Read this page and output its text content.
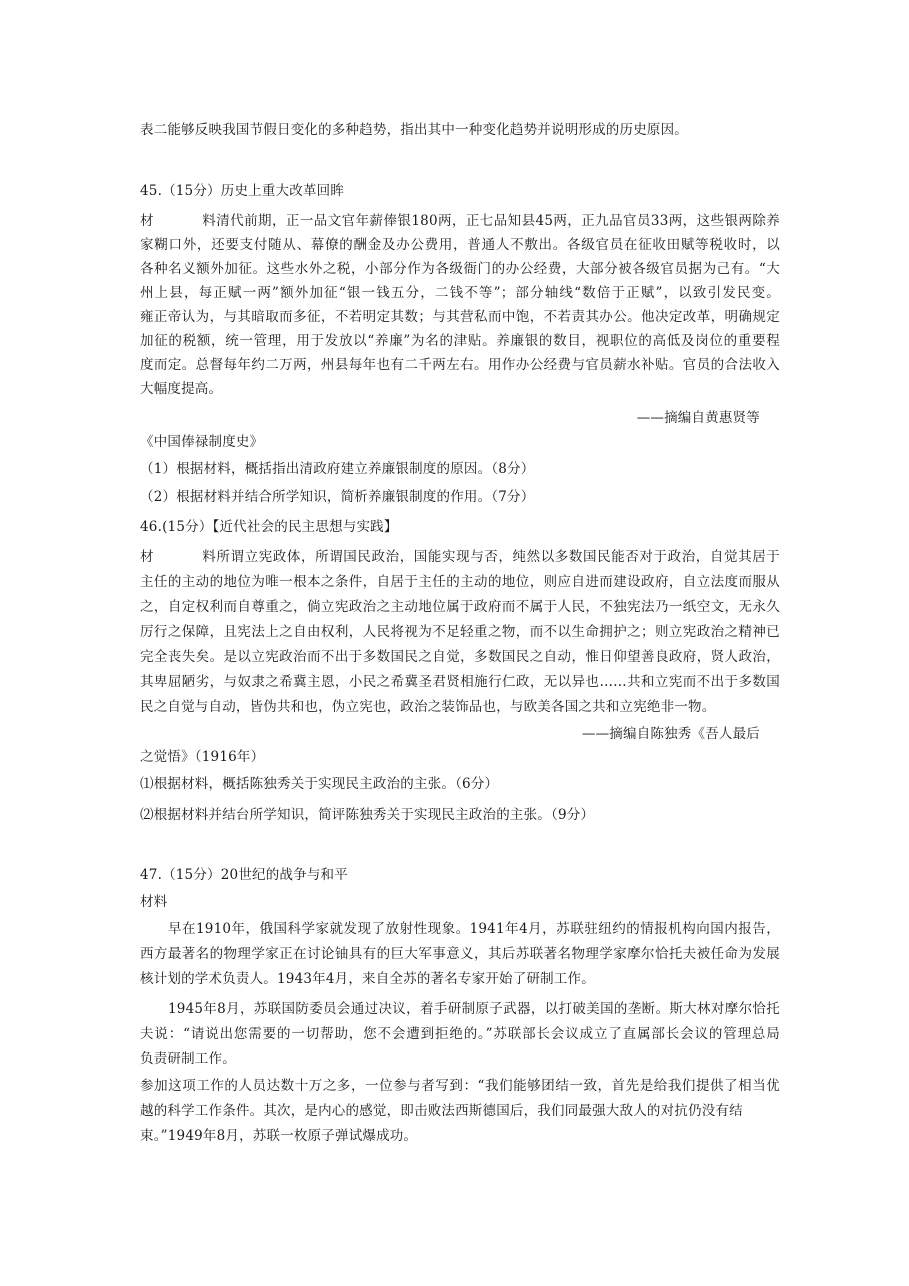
表二能够反映我国节假日变化的多种趋势，指出其中一种变化趋势并说明形成的历史原因。
45.（15分）历史上重大改革回眸
材料清代前期，正一品文官年薪俸银180两，正七品知县45两，正九品官员33两，这些银两除养
家糊口外，还要支付随从、幕僚的酬金及办公费用，普通人不敷出。各级官员在征收田赋等税收时，以
各种名义额外加征。这些水外之税，小部分作为各级衙门的办公经费，大部分被各级官员据为己有。“大
州上县，每正赋一两”额外加征“银一钱五分，二钱不等”；部分轴线“数倍于正赋”，以致引发民变。
雍正帝认为，与其暗取而多征，不若明定其数；与其营私而中饱，不若责其办公。他决定改革，明确规定
加征的税额，统一管理，用于发放以“养廉”为名的津贴。养廉银的数目，视职位的高低及岗位的重要程
度而定。总督每年约二万两，州县每年也有二千两左右。用作办公经费与官员薪水补贴。官员的合法收入
大幅度提高。
——摘编自黄惠贤等
《中国俸禄制度史》
（1）根据材料，概括指出清政府建立养廉银制度的原因。（8分）
（2）根据材料并结合所学知识，简析养廉银制度的作用。（7分）
46.(15分）【近代社会的民主思想与实践】
材料所谓立宪政体，所谓国民政治，国能实现与否，纯然以多数国民能否对于政治，自觉其居于
主任的主动的地位为唯一根本之条件，自居于主任的主动的地位，则应自进而建设政府，自立法度而服从
之，自定权利而自尊重之，倘立宪政治之主动地位属于政府而不属于人民，不独宪法乃一纸空文，无永久
厉行之保障，且宪法上之自由权利，人民将视为不足轻重之物，而不以生命拥护之；则立宪政治之精神已
完全丧失矣。是以立宪政治而不出于多数国民之自觉，多数国民之自动，惟日仰望善良政府，贤人政治，
其卑屈陋劣，与奴隶之希冀主恩，小民之希冀圣君贤相施行仁政，无以异也……共和立宪而不出于多数国
民之自觉与自动，皆伪共和也，伪立宪也，政治之装饰品也，与欧美各国之共和立宪绝非一物。
——摘编自陈独秀《吾人最后
之觉悟》（1916年）
⑴根据材料，概括陈独秀关于实现民主政治的主张。（6分）
⑵根据材料并结台所学知识，简评陈独秀关于实现民主政治的主张。（9分）
47.（15分）20世纪的战争与和平
材料
早在1910年，俄国科学家就发现了放射性现象。1941年4月，苏联驻纽约的情报机构向国内报告，
西方最著名的物理学家正在讨论铀具有的巨大军事意义，其后苏联著名物理学家摩尔恰托夫被任命为发展
核计划的学术负责人。1943年4月，来自全苏的著名专家开始了研制工作。
1945年8月，苏联国防委员会通过决议，着手研制原子武器，以打破美国的垄断。斯大林对摩尔恰托
夫说：“请说出您需要的一切帮助，您不会遭到拒绝的。”苏联部长会议成立了直属部长会议的管理总局
负责研制工作。
参加这项工作的人员达数十万之多，一位参与者写到：“我们能够团结一致，首先是给我们提供了相当优
越的科学工作条件。其次，是内心的感觉，即击败法西斯德国后，我们同最强大敌人的对抗仍没有结
束。”1949年8月，苏联一枚原子弹试爆成功。
